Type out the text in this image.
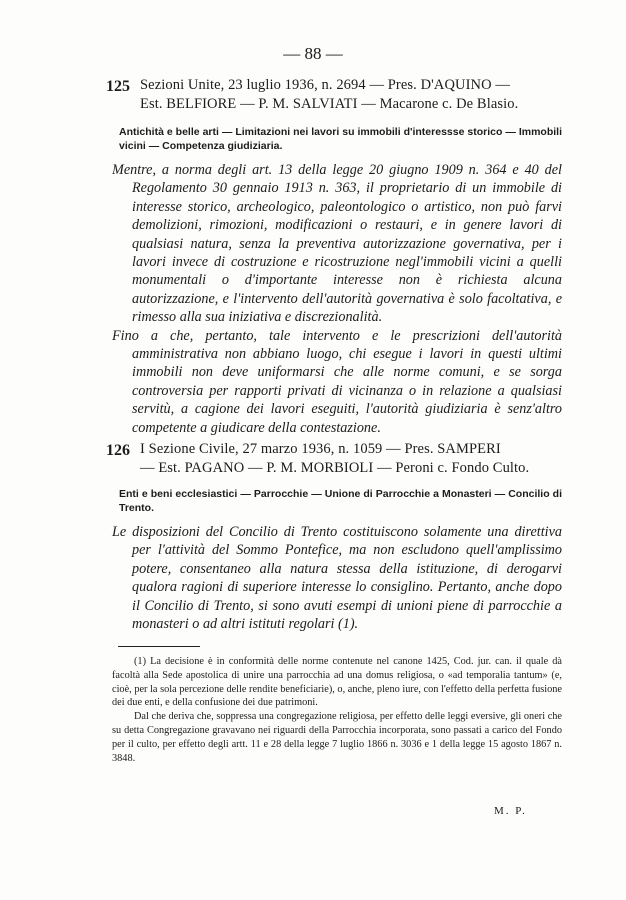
— 88 —
125 Sezioni Unite, 23 luglio 1936, n. 2694 — Pres. D'AQUINO —
Est. BELFIORE — P. M. SALVIATI — Macarone c. De Blasio.
Antichità e belle arti — Limitazioni nei lavori su immobili d'interessse storico — Immobili vicini — Competenza giudiziaria.

Mentre, a norma degli art. 13 della legge 20 giugno 1909 n. 364 e 40 del Regolamento 30 gennaio 1913 n. 363, il proprietario di un immobile di interesse storico, archeologico, paleontologico o artistico, non può farvi demolizioni, rimozioni, modificazioni o restauri, e in genere lavori di qualsiasi natura, senza la preventiva autorizzazione governativa, per i lavori invece di costruzione e ricostruzione negl'immobili vicini a quelli monumentali o d'importante interesse non è richiesta alcuna autorizzazione, e l'intervento dell'autorità governativa è solo facoltativa, e rimesso alla sua iniziativa e discrezionalità.

Fino a che, pertanto, tale intervento e le prescrizioni dell'autorità amministrativa non abbiano luogo, chi esegue i lavori in questi ultimi immobili non deve uniformarsi che alle norme comuni, e se sorga controversia per rapporti privati di vicinanza o in relazione a qualsiasi servitù, a cagione dei lavori eseguiti, l'autorità giudiziaria è senz'altro competente a giudicare della contestazione.

126 I Sezione Civile, 27 marzo 1936, n. 1059 — Pres. SAMPERI
— Est. PAGANO — P. M. MORBIOLI — Peroni c. Fondo Culto.
Enti e beni ecclesiastici — Parrocchie — Unione di Parrocchie a Monasteri — Concilio di Trento.

Le disposizioni del Concilio di Trento costituiscono solamente una direttiva per l'attività del Sommo Pontefice, ma non escludono quell'amplissimo potere, consentaneo alla natura stessa della istituzione, di derogarvi qualora ragioni di superiore interesse lo consiglino. Pertanto, anche dopo il Concilio di Trento, si sono avuti esempi di unioni piene di parrocchie a monasteri o ad altri istituti regolari (1).

(1) La decisione è in conformità delle norme contenute nel canone 1425, Cod. jur. can. il quale dà facoltà alla Sede apostolica di unire una parrocchia ad una domus religiosa, o «ad temporalia tantum» (e, cioè, per la sola percezione delle rendite beneficiarie), o, anche, pleno iure, con l'effetto della perfetta fusione dei due enti, e della confusione dei due patrimoni.

Dal che deriva che, soppressa una congregazione religiosa, per effetto delle leggi eversive, gli oneri che su detta Congregazione gravavano nei riguardi della Parrocchia incorporata, sono passati a carico del Fondo per il culto, per effetto degli artt. 11 e 28 della legge 7 luglio 1866 n. 3036 e 1 della legge 15 agosto 1867 n. 3848.

M. P.
